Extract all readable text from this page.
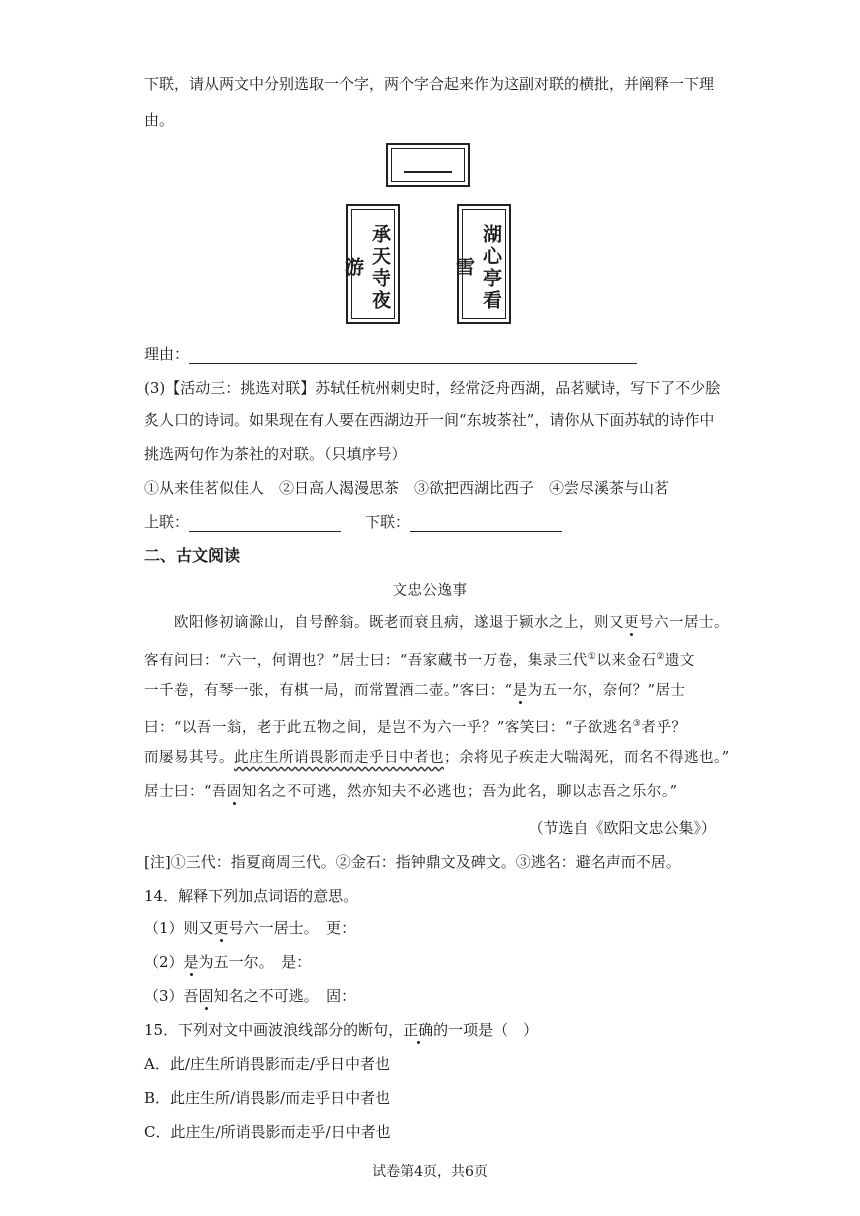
下联，请从两文中分别选取一个字，两个字合起来作为这副对联的横批，并阐释一下理
由。
承天寺夜游	湖心亭看雪
理由：
(3)【活动三：挑选对联】苏轼任杭州刺史时，经常泛舟西湖，品茗赋诗，写下了不少脍
炙人口的诗词。如果现在有人要在西湖边开一间“东坡茶社”，请你从下面苏轼的诗作中
挑选两句作为茶社的对联。（只填序号）
①从来佳茗似佳人　②日高人渴漫思茶　③欲把西湖比西子　④尝尽溪茶与山茗
上联：	下联：
二、古文阅读
文忠公逸事
欧阳修初谪滁山，自号醉翁。既老而衰且病，遂退于颍水之上，则又更号六一居士。
客有问曰：“六一，何谓也？”居士曰：“吾家藏书一万卷，集录三代①以来金石②遗文
一千卷，有琴一张，有棋一局，而常置酒二壶。”客曰：“是为五一尔，奈何？”居士
曰：“以吾一翁，老于此五物之间，是岂不为六一乎？”客笑曰：“子欲逃名③者乎？
而屡易其号。此庄生所诮畏影而走乎日中者也；余将见子疾走大喘渴死，而名不得逃也。”
居士曰：“吾固知名之不可逃，然亦知夫不必逃也；吾为此名，聊以志吾之乐尔。”
（节选自《欧阳文忠公集》）
[注]①三代：指夏商周三代。②金石：指钟鼎文及碑文。③逃名：避名声而不居。
14．解释下列加点词语的意思。
（1）则又更号六一居士。　更：
（2）是为五一尔。　是：
（3）吾固知名之不可逃。　固：
15．下列对文中画波浪线部分的断句，正确的一项是（　）
A．此/庄生所诮畏影而走/乎日中者也
B．此庄生所/诮畏影/而走乎日中者也
C．此庄生/所诮畏影而走乎/日中者也
试卷第4页，共6页
